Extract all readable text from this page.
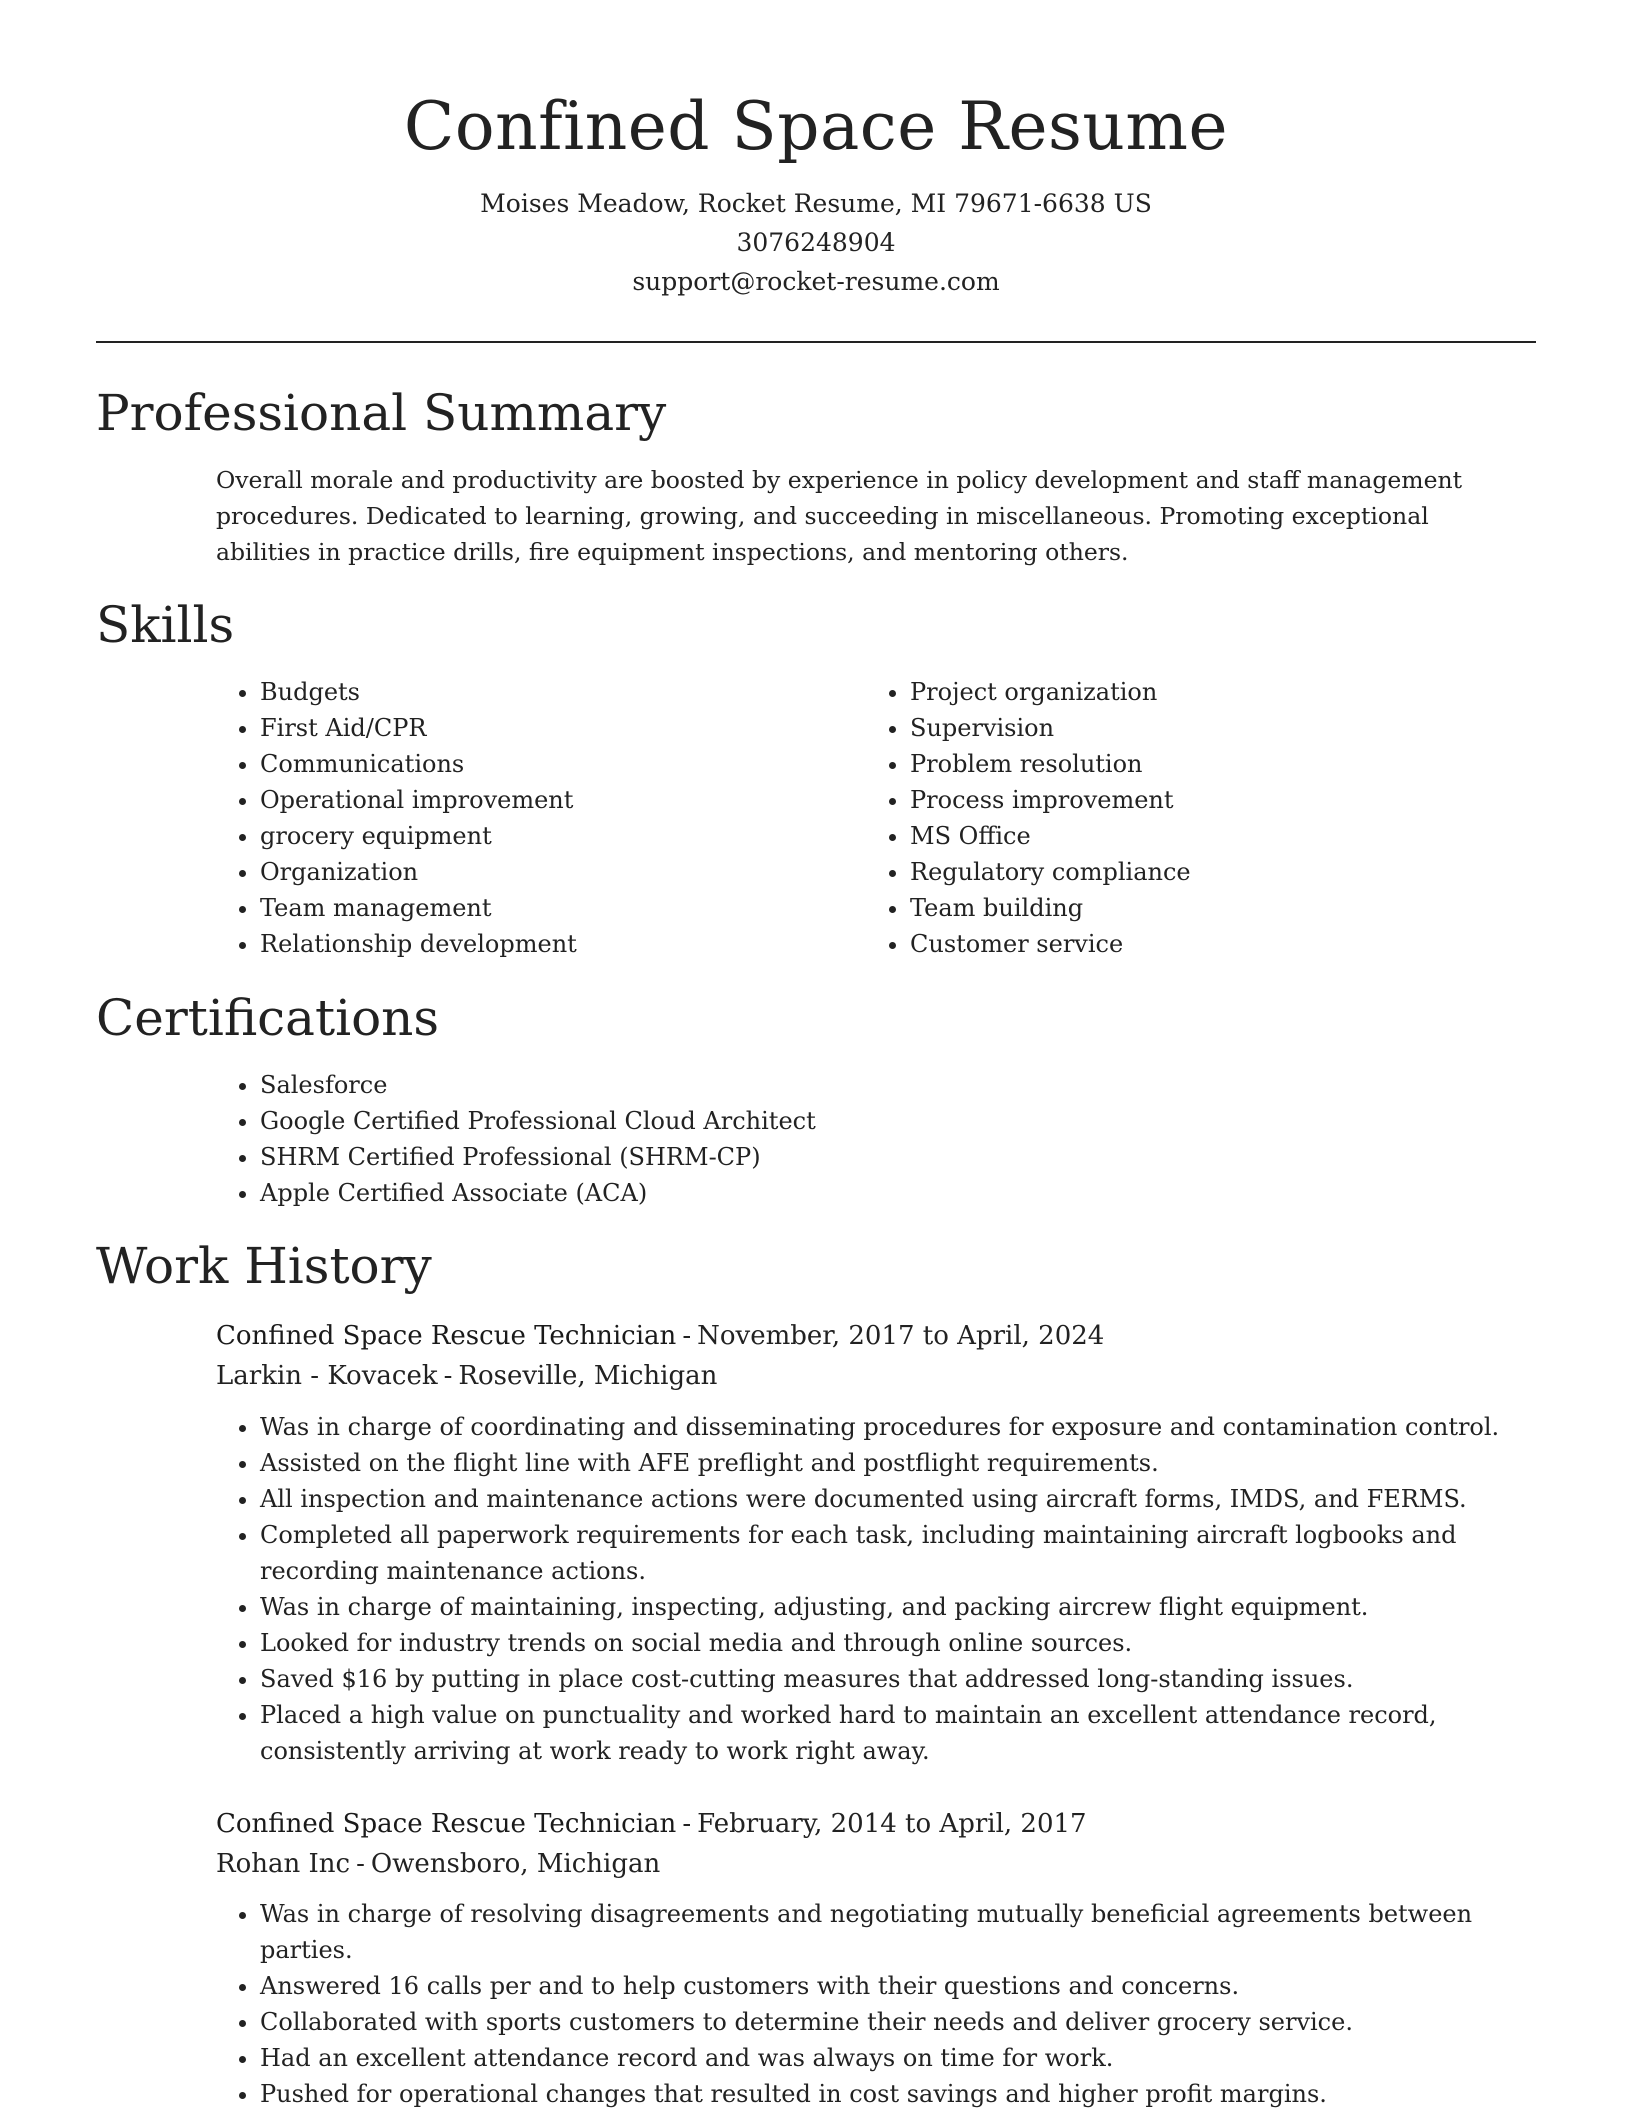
Confined Space Resume
Moises Meadow, Rocket Resume, MI 79671-6638 US
3076248904
support@rocket-resume.com
Professional Summary

Overall morale and productivity are boosted by experience in policy development and staff management procedures. Dedicated to learning, growing, and succeeding in miscellaneous. Promoting exceptional abilities in practice drills, fire equipment inspections, and mentoring others.

Skills
• Budgets
• First Aid/CPR
• Communications
• Operational improvement
• grocery equipment
• Organization
• Team management
• Relationship development
• Project organization
• Supervision
• Problem resolution
• Process improvement
• MS Office
• Regulatory compliance
• Team building
• Customer service
Certifications
• Salesforce
• Google Certified Professional Cloud Architect
• SHRM Certified Professional (SHRM-CP)
• Apple Certified Associate (ACA)
Work History
Confined Space Rescue Technician - November, 2017 to April, 2024
Larkin - Kovacek - Roseville, Michigan
• Was in charge of coordinating and disseminating procedures for exposure and contamination control.
• Assisted on the flight line with AFE preflight and postflight requirements.
• All inspection and maintenance actions were documented using aircraft forms, IMDS, and FERMS.
• Completed all paperwork requirements for each task, including maintaining aircraft logbooks and recording maintenance actions.
• Was in charge of maintaining, inspecting, adjusting, and packing aircrew flight equipment.
• Looked for industry trends on social media and through online sources.
• Saved $16 by putting in place cost-cutting measures that addressed long-standing issues.
• Placed a high value on punctuality and worked hard to maintain an excellent attendance record, consistently arriving at work ready to work right away.
Confined Space Rescue Technician - February, 2014 to April, 2017
Rohan Inc - Owensboro, Michigan
• Was in charge of resolving disagreements and negotiating mutually beneficial agreements between parties.
• Answered 16 calls per and to help customers with their questions and concerns.
• Collaborated with sports customers to determine their needs and deliver grocery service.
• Had an excellent attendance record and was always on time for work.
• Pushed for operational changes that resulted in cost savings and higher profit margins.
